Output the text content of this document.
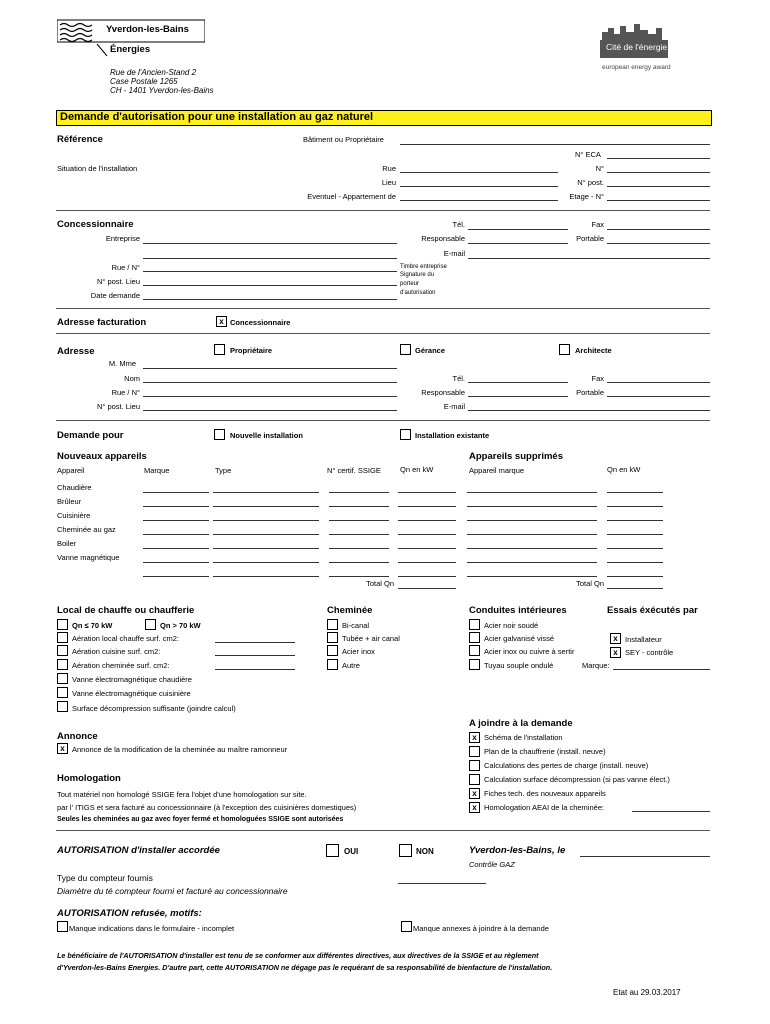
Yverdon-les-Bains
Énergies
Rue de l'Ancien-Stand 2
Case Postale 1265
CH - 1401 Yverdon-les-Bains
Cité de l'énergie
european energy award
Demande d'autorisation pour une installation au gaz naturel
Référence	Bâtiment ou Propriétaire
N° ECA
Situation de l'installation	Rue	N°
Lieu	N° post.
Eventuel - Appartement de	Etage - N°
Concessionnaire
Entreprise
Tél.	Fax
Responsable	Portable
E-mail
Rue / N°
N° post. Lieu
Date demande
Timbre entreprise
Signature du
porteur
d'autorisation
Adresse facturation	x Concessionnaire
Adresse	Propriétaire	Gérance	Architecte
M. Mme
Nom	Tél.	Fax
Rue / N°	Responsable	Portable
N° post. Lieu	E-mail
Demande pour	Nouvelle installation	Installation existante
Nouveaux appareils	Appareils supprimés
Appareil	Marque	Type	N° certif. SSIGE	Qn en kW	Appareil marque	Qn en kW
Chaudière
Brûleur
Cuisinière
Cheminée au gaz
Boiler
Vanne magnétique
Total Qn	Total Qn
Local de chauffe ou chaufferie
Qn ≤ 70 kW	Qn > 70 kW
Aération local chauffe surf. cm2:
Aération cuisine surf. cm2:
Aération cheminée surf. cm2:
Vanne électromagnétique chaudière
Vanne électromagnétique cuisinière
Surface décompression suffisante (joindre calcul)
Cheminée
Bi-canal
Tubée + air canal
Acier inox
Autre
Conduites intérieures
Acier noir soudé
Acier galvanisé vissé
Acier inox ou cuivre à sertir
Tuyau souple ondulé	Marque:
Essais éxécutés par
x Installateur
x SEY - contrôle
A joindre à la demande
x Schéma de l'installation
Plan de la chauffrerie (install. neuve)
Calculations des pertes de charge (install. neuve)
Calculation surface décompression (si pas vanne élect.)
x Fiches tech. des nouveaux appareils
x Homologation AEAI de la cheminée:
Annonce
x Annonce de la modification de la cheminée au maître ramonneur
Homologation
Tout matériel non homologé SSIGE fera l'objet d'une homologation sur site.
par l' ITIGS et sera facturé au concessionnaire (à l'exception des cuisinières domestiques)
Seules les cheminées au gaz avec foyer fermé et homologuées SSIGE sont autorisées
AUTORISATION d'installer accordée	OUI	NON	Yverdon-les-Bains, le
Contrôle GAZ
Type du compteur fournis
Diamètre du té compteur fourni et facturé au concessionnaire
AUTORISATION refusée, motifs:
Manque indications dans le formulaire - incomplet	Manque annexes à joindre à la demande
Le bénéficiaire de l'AUTORISATION d'installer est tenu de se conformer aux différentes directives, aux directives de la SSIGE et au règlement
d'Yverdon-les-Bains Energies. D'autre part, cette AUTORISATION ne dégage pas le requérant de sa responsabilité de bienfacture de l'installation.
Etat au 29.03.2017
